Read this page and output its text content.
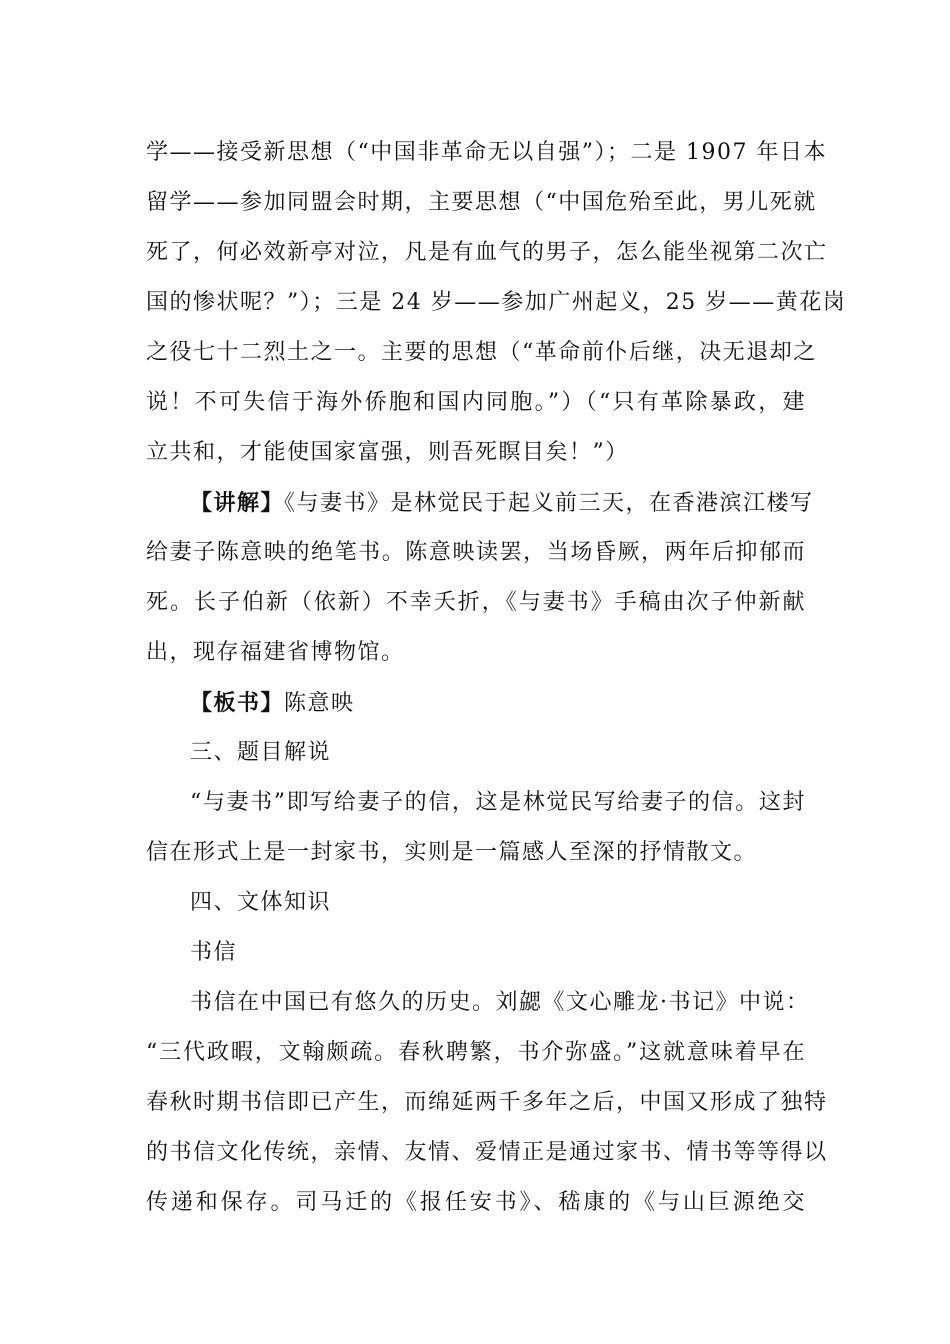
学——接受新思想（“中国非革命无以自强”）；二是 1907 年日本
留学——参加同盟会时期，主要思想（“中国危殆至此，男儿死就
死了，何必效新亭对泣，凡是有血气的男子，怎么能坐视第二次亡
国的惨状呢？”）；三是 24 岁——参加广州起义，25 岁——黄花岗
之役七十二烈土之一。主要的思想（“革命前仆后继，决无退却之
说！不可失信于海外侨胞和国内同胞。”）（“只有革除暴政，建
立共和，才能使国家富强，则吾死瞑目矣！”）
【讲解】《与妻书》是林觉民于起义前三天，在香港滨江楼写
给妻子陈意映的绝笔书。陈意映读罢，当场昏厥，两年后抑郁而
死。长子伯新（依新）不幸夭折，《与妻书》手稿由次子仲新献
出，现存福建省博物馆。
【板书】陈意映
三、题目解说
“与妻书”即写给妻子的信，这是林觉民写给妻子的信。这封
信在形式上是一封家书，实则是一篇感人至深的抒情散文。
四、文体知识
书信
书信在中国已有悠久的历史。刘勰《文心雕龙·书记》中说：
“三代政暇，文翰颇疏。春秋聘繁，书介弥盛。”这就意味着早在
春秋时期书信即已产生，而绵延两千多年之后，中国又形成了独特
的书信文化传统，亲情、友情、爱情正是通过家书、情书等等得以
传递和保存。司马迁的《报任安书》、嵇康的《与山巨源绝交
